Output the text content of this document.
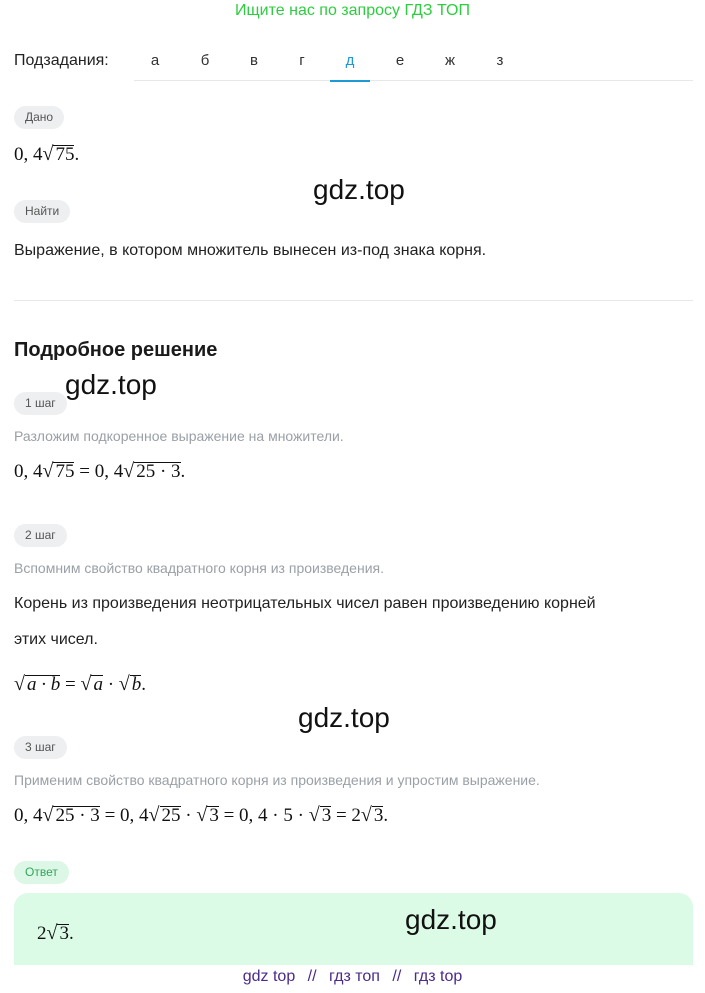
Ищите нас по запросу ГДЗ ТОП
Подзадания:	а	б	в	г	д	е	ж	з
Дано
0, 4√ 75.
gdz.top
Найти
Выражение, в котором множитель вынесен из-под знака корня.
Подробное решение
gdz.top
1 шаг
Разложим подкоренное выражение на множители.
0, 4√ 75 = 0, 4√ 25 · 3.
2 шаг
Вспомним свойство квадратного корня из произведения.
Корень из произведения неотрицательных чисел равен произведению корней
этих чисел.
√ a · b = √ a · √ b.
gdz.top
3 шаг
Применим свойство квадратного корня из произведения и упростим выражение.
0, 4√ 25 · 3 = 0, 4√ 25 · √ 3 = 0, 4 · 5 · √ 3 = 2√ 3.
Ответ
2√ 3.	gdz.top
gdz top // гдз топ // гдз top
